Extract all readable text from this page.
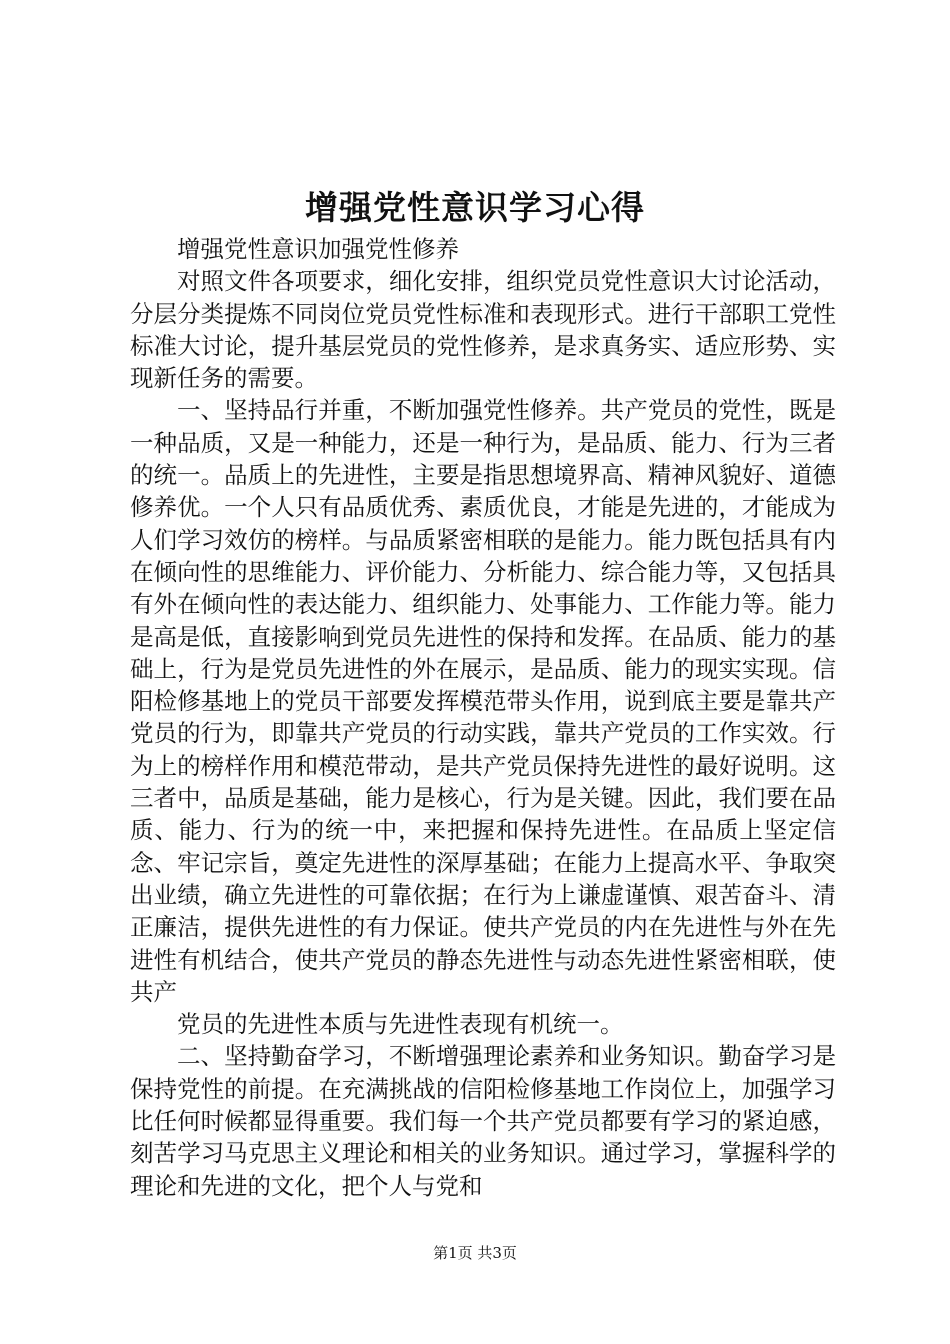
增强党性意识学习心得

增强党性意识加强党性修养

对照文件各项要求，细化安排，组织党员党性意识大讨论活动，分层分类提炼不同岗位党员党性标准和表现形式。进行干部职工党性标准大讨论，提升基层党员的党性修养，是求真务实、适应形势、实现新任务的需要。

一、坚持品行并重，不断加强党性修养。共产党员的党性，既是一种品质，又是一种能力，还是一种行为，是品质、能力、行为三者的统一。品质上的先进性，主要是指思想境界高、精神风貌好、道德修养优。一个人只有品质优秀、素质优良，才能是先进的，才能成为人们学习效仿的榜样。与品质紧密相联的是能力。能力既包括具有内在倾向性的思维能力、评价能力、分析能力、综合能力等，又包括具有外在倾向性的表达能力、组织能力、处事能力、工作能力等。能力是高是低，直接影响到党员先进性的保持和发挥。在品质、能力的基础上，行为是党员先进性的外在展示，是品质、能力的现实实现。信阳检修基地上的党员干部要发挥模范带头作用，说到底主要是靠共产党员的行为，即靠共产党员的行动实践，靠共产党员的工作实效。行为上的榜样作用和模范带动，是共产党员保持先进性的最好说明。这三者中，品质是基础，能力是核心，行为是关键。因此，我们要在品质、能力、行为的统一中，来把握和保持先进性。在品质上坚定信念、牢记宗旨，奠定先进性的深厚基础；在能力上提高水平、争取突出业绩，确立先进性的可靠依据；在行为上谦虚谨慎、艰苦奋斗、清正廉洁，提供先进性的有力保证。使共产党员的内在先进性与外在先进性有机结合，使共产党员的静态先进性与动态先进性紧密相联，使共产

党员的先进性本质与先进性表现有机统一。

二、坚持勤奋学习，不断增强理论素养和业务知识。勤奋学习是保持党性的前提。在充满挑战的信阳检修基地工作岗位上，加强学习比任何时候都显得重要。我们每一个共产党员都要有学习的紧迫感，刻苦学习马克思主义理论和相关的业务知识。通过学习，掌握科学的理论和先进的文化，把个人与党和

第1页 共3页
